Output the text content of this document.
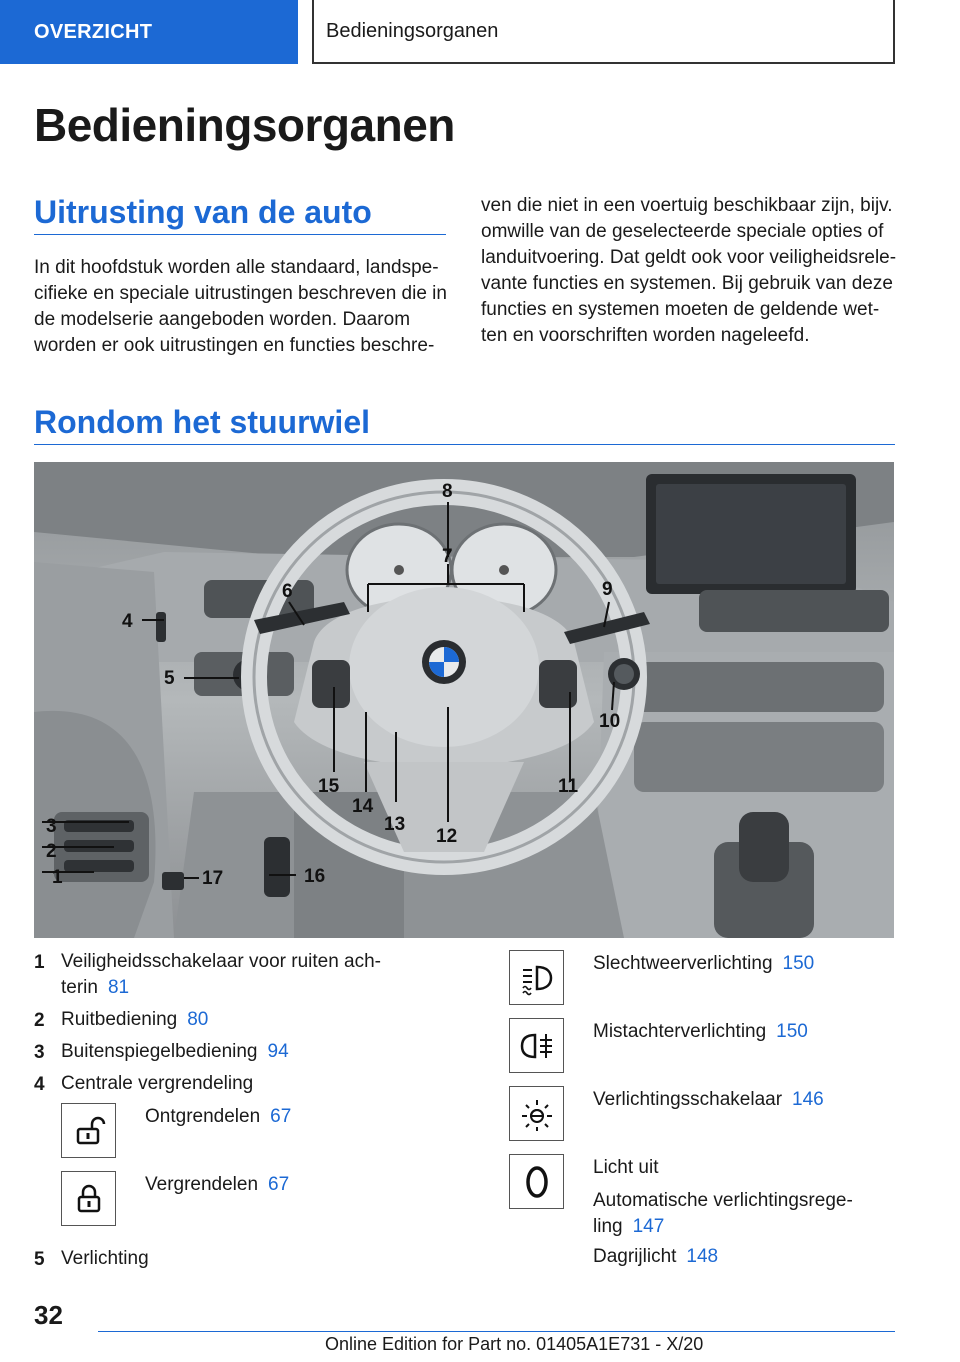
OVERZICHT	Bedieningsorganen
Bedieningsorganen
Uitrusting van de auto
In dit hoofdstuk worden alle standaard, landspe-
cifieke en speciale uitrustingen beschreven die in
de modelserie aangeboden worden. Daarom
worden er ook uitrustingen en functies beschre-
ven die niet in een voertuig beschikbaar zijn, bijv.
omwille van de geselecteerde speciale opties of
landuitvoering. Dat geldt ook voor veiligheidsrele-
vante functies en systemen. Bij gebruik van deze
functies en systemen moeten de geldende wet-
ten en voorschriften worden nageleefd.
Rondom het stuurwiel
1
2
3
4
5
6
7
8
9
10
11
12
13
14
15
16
17
1 Veiligheidsschakelaar voor ruiten ach-
terin 81
2 Ruitbediening 80
3 Buitenspiegelbediening 94
4 Centrale vergrendeling
Ontgrendelen 67
Vergrendelen 67
5 Verlichting
Slechtweerverlichting 150
Mistachterverlichting 150
Verlichtingsschakelaar 146
Licht uit
Automatische verlichtingsrege-
ling 147
Dagrijlicht 148
32
Online Edition for Part no. 01405A1E731 - X/20
